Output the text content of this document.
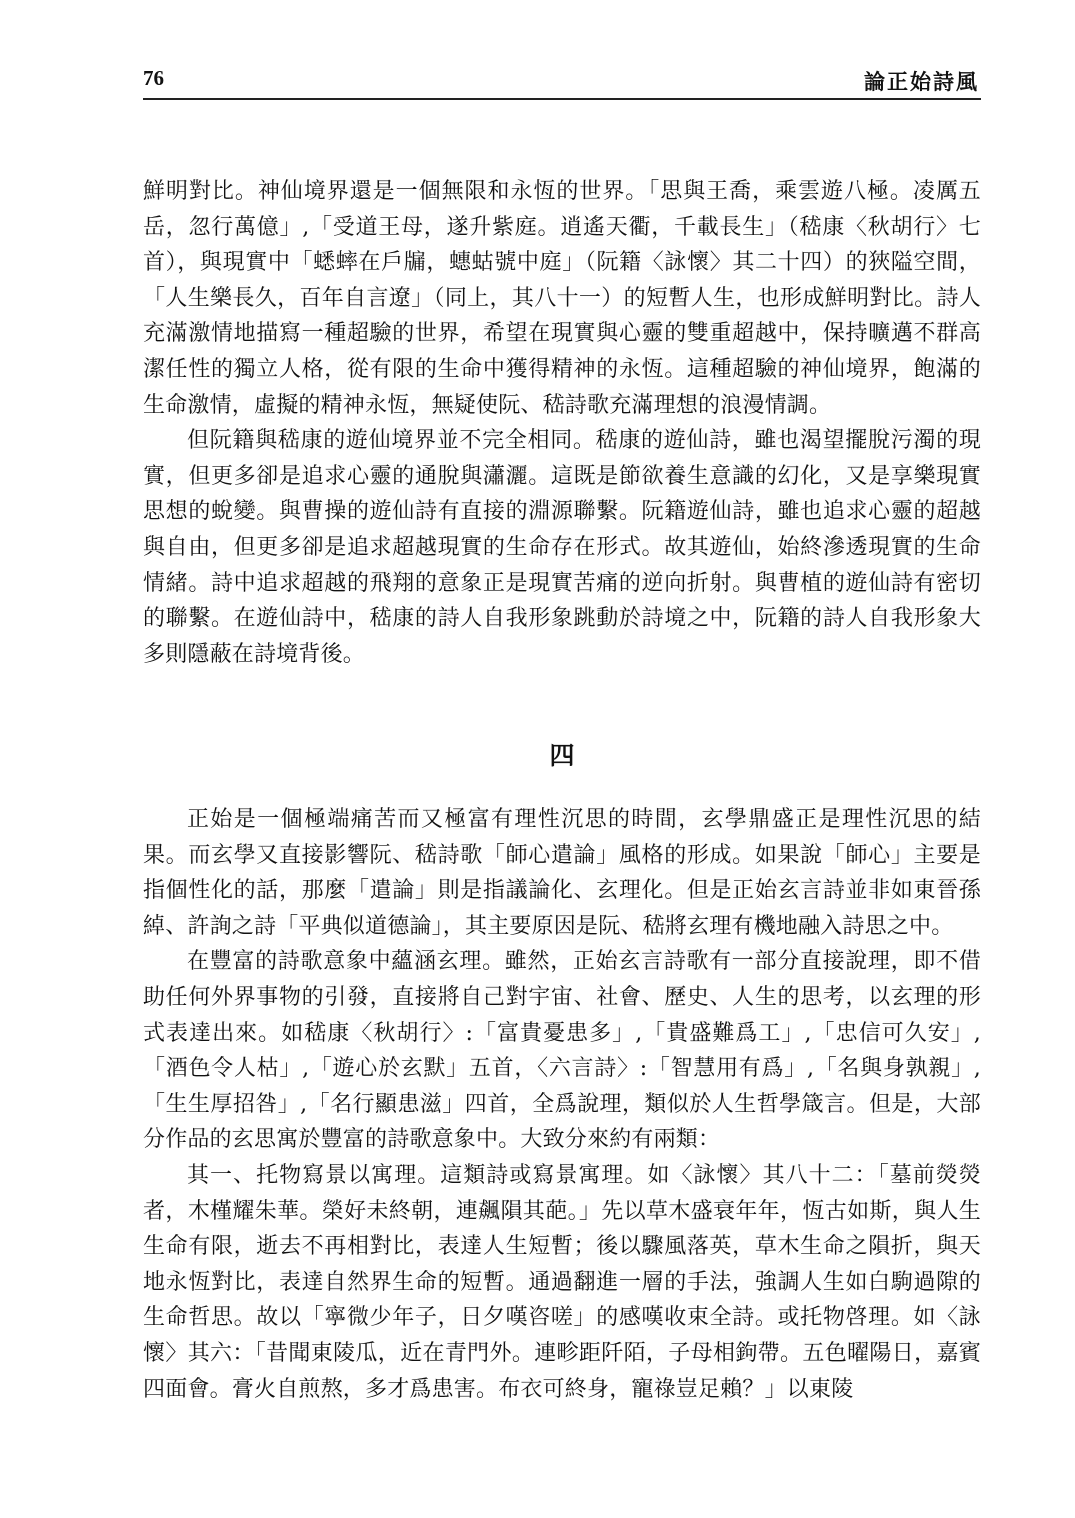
76	論正始詩風

鮮明對比。神仙境界還是一個無限和永恆的世界。「思與王喬，乘雲遊八極。凌厲五岳，忽行萬億」,「受道王母，遂升紫庭。逍遙天衢，千載長生」（嵇康〈秋胡行〉七首），與現實中「蟋蟀在戶牖，蟪蛄號中庭」（阮籍〈詠懷〉其二十四）的狹隘空間，「人生樂長久，百年自言遼」（同上，其八十一）的短暫人生，也形成鮮明對比。詩人充滿激情地描寫一種超驗的世界，希望在現實與心靈的雙重超越中，保持曠邁不群高潔任性的獨立人格，從有限的生命中獲得精神的永恆。這種超驗的神仙境界，飽滿的生命激情，虛擬的精神永恆，無疑使阮、嵇詩歌充滿理想的浪漫情調。

但阮籍與嵇康的遊仙境界並不完全相同。嵇康的遊仙詩，雖也渴望擺脫污濁的現實，但更多卻是追求心靈的通脫與瀟灑。這既是節欲養生意識的幻化，又是享樂現實思想的蛻變。與曹操的遊仙詩有直接的淵源聯繫。阮籍遊仙詩，雖也追求心靈的超越與自由，但更多卻是追求超越現實的生命存在形式。故其遊仙，始終滲透現實的生命情緒。詩中追求超越的飛翔的意象正是現實苦痛的逆向折射。與曹植的遊仙詩有密切的聯繫。在遊仙詩中，嵇康的詩人自我形象跳動於詩境之中，阮籍的詩人自我形象大多則隱蔽在詩境背後。

四

正始是一個極端痛苦而又極富有理性沉思的時間，玄學鼎盛正是理性沉思的結果。而玄學又直接影響阮、嵇詩歌「師心遣論」風格的形成。如果說「師心」主要是指個性化的話，那麼「遣論」則是指議論化、玄理化。但是正始玄言詩並非如東晉孫綽、許詢之詩「平典似道德論」，其主要原因是阮、嵇將玄理有機地融入詩思之中。

在豐富的詩歌意象中蘊涵玄理。雖然，正始玄言詩歌有一部分直接說理，即不借助任何外界事物的引發，直接將自己對宇宙、社會、歷史、人生的思考，以玄理的形式表達出來。如嵇康〈秋胡行〉:「富貴憂患多」,「貴盛難爲工」,「忠信可久安」,「酒色令人枯」,「遊心於玄默」五首，〈六言詩〉:「智慧用有爲」,「名與身孰親」,「生生厚招咎」,「名行顯患滋」四首，全爲說理，類似於人生哲學箴言。但是，大部分作品的玄思寓於豐富的詩歌意象中。大致分來約有兩類：

其一、托物寫景以寓理。這類詩或寫景寓理。如〈詠懷〉其八十二：「墓前熒熒者，木槿耀朱華。榮好未終朝，連飆隕其葩。」先以草木盛衰年年，恆古如斯，與人生生命有限，逝去不再相對比，表達人生短暫；後以驟風落英，草木生命之隕折，與天地永恆對比，表達自然界生命的短暫。通過翻進一層的手法，強調人生如白駒過隙的生命哲思。故以「寧微少年子，日夕嘆咨嗟」的感嘆收束全詩。或托物啓理。如〈詠懷〉其六：「昔聞東陵瓜，近在青門外。連畛距阡陌，子母相鉤帶。五色曜陽日，嘉賓四面會。膏火自煎熬，多才爲患害。布衣可終身，寵祿豈足賴？」以東陵
